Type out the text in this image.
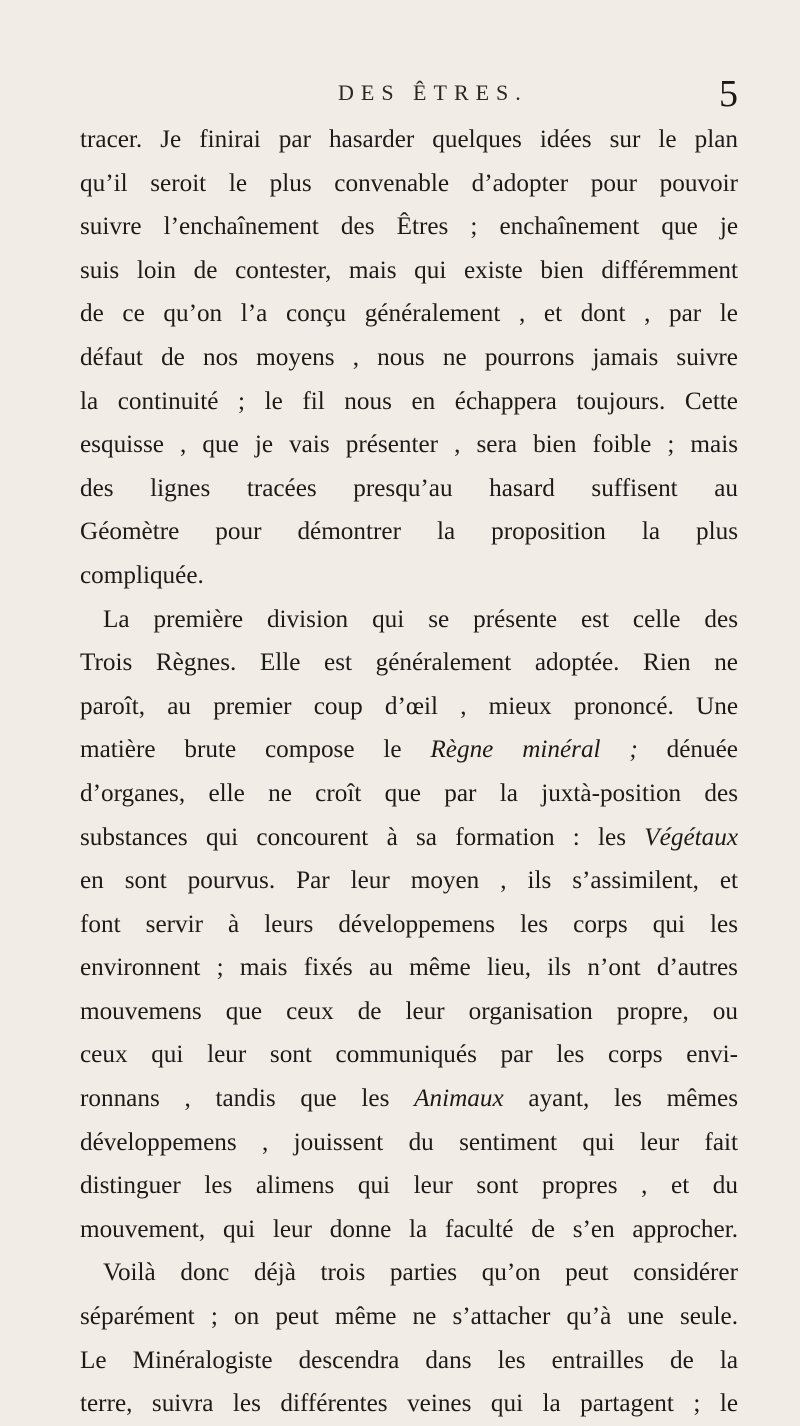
DES ÊTRES.	5
tracer. Je finirai par hasarder quelques idées sur le plan
qu’il seroit le plus convenable d’adopter pour pouvoir
suivre l’enchaînement des Êtres ; enchaînement que je
suis loin de contester, mais qui existe bien différemment
de ce qu’on l’a conçu généralement , et dont , par le
défaut de nos moyens , nous ne pourrons jamais suivre
la continuité ; le fil nous en échappera toujours. Cette
esquisse , que je vais présenter , sera bien foible ; mais
des lignes tracées presqu’au hasard suffisent au
Géomètre pour démontrer la proposition la plus
compliquée.
La première division qui se présente est celle des
Trois Règnes. Elle est généralement adoptée. Rien ne
paroît, au premier coup d’œil , mieux prononcé. Une
matière brute compose le Règne minéral ; dénuée
d’organes, elle ne croît que par la juxtà-position des
substances qui concourent à sa formation : les Végétaux
en sont pourvus. Par leur moyen , ils s’assimilent, et
font servir à leurs développemens les corps qui les
environnent ; mais fixés au même lieu, ils n’ont d’autres
mouvemens que ceux de leur organisation propre, ou
ceux qui leur sont communiqués par les corps envi-
ronnans , tandis que les Animaux ayant, les mêmes
développemens , jouissent du sentiment qui leur fait
distinguer les alimens qui leur sont propres , et du
mouvement, qui leur donne la faculté de s’en approcher.
Voilà donc déjà trois parties qu’on peut considérer
séparément ; on peut même ne s’attacher qu’à une seule.
Le Minéralogiste descendra dans les entrailles de la
terre, suivra les différentes veines qui la partagent ; le
